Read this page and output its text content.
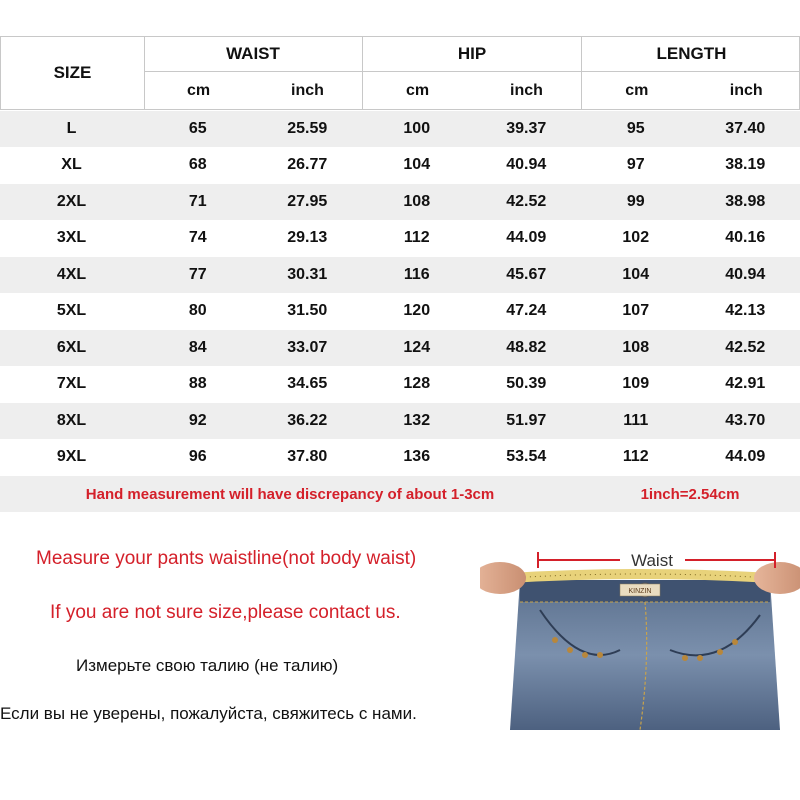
SIZE
WAIST
cm	inch
HIP
cm	inch
LENGTH
cm	inch
L	65	25.59	100	39.37	95	37.40
XL	68	26.77	104	40.94	97	38.19
2XL	71	27.95	108	42.52	99	38.98
3XL	74	29.13	112	44.09	102	40.16
4XL	77	30.31	116	45.67	104	40.94
5XL	80	31.50	120	47.24	107	42.13
6XL	84	33.07	124	48.82	108	42.52
7XL	88	34.65	128	50.39	109	42.91
8XL	92	36.22	132	51.97	111	43.70
9XL	96	37.80	136	53.54	112	44.09
Hand measurement will have discrepancy of about 1-3cm	1inch=2.54cm
Measure your pants waistline(not body waist)
If you are not sure size,please contact us.
Измерьте свою талию (не талию)
Если вы не уверены, пожалуйста, свяжитесь с нами.
KINZIN
Waist
